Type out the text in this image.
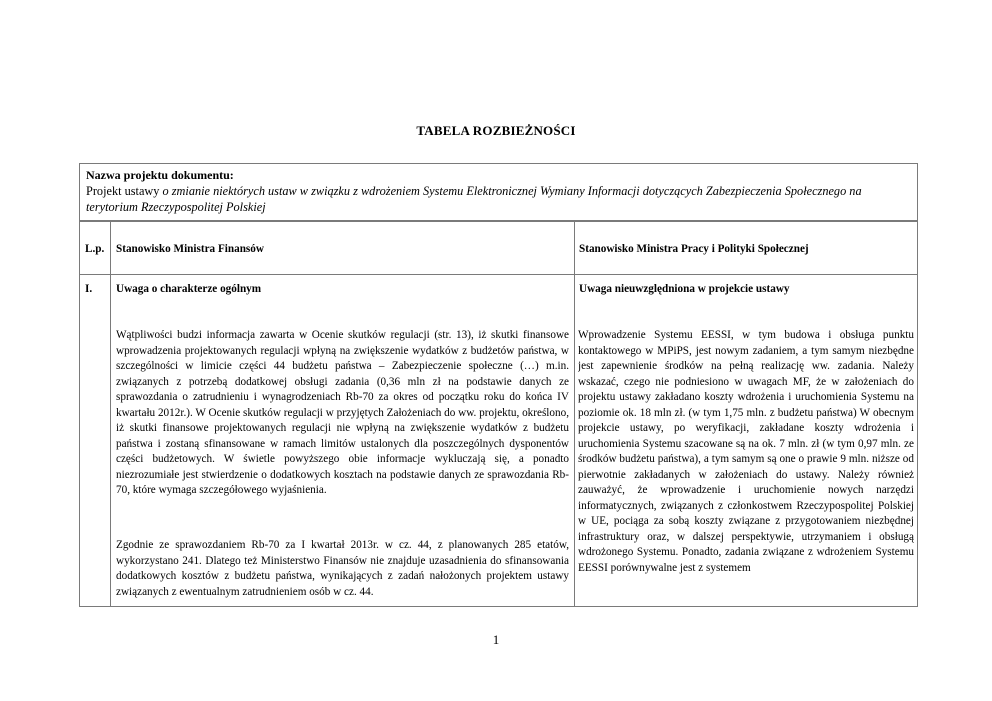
TABELA ROZBIEŻNOŚCI
Nazwa projektu dokumentu:
Projekt ustawy o zmianie niektórych ustaw w związku z wdrożeniem Systemu Elektronicznej Wymiany Informacji dotyczących Zabezpieczenia Społecznego na terytorium Rzeczypospolitej Polskiej
L.p. Stanowisko Ministra Finansów	Stanowisko Ministra Pracy i Polityki Społecznej
I. Uwaga o charakterze ogólnym	Uwaga nieuwzględniona w projekcie ustawy
Wątpliwości budzi informacja zawarta w Ocenie skutków regulacji (str. 13), iż skutki finansowe wprowadzenia projektowanych regulacji wpłyną na zwiększenie wydatków z budżetów państwa, w szczególności w limicie części 44 budżetu państwa – Zabezpieczenie społeczne (…) m.in. związanych z potrzebą dodatkowej obsługi zadania (0,36 mln zł na podstawie danych ze sprawozdania o zatrudnieniu i wynagrodzeniach Rb-70 za okres od początku roku do końca IV kwartału 2012r.). W Ocenie skutków regulacji w przyjętych Założeniach do ww. projektu, określono, iż skutki finansowe projektowanych regulacji nie wpłyną na zwiększenie wydatków z budżetu państwa i zostaną sfinansowane w ramach limitów ustalonych dla poszczególnych dysponentów części budżetowych. W świetle powyższego obie informacje wykluczają się, a ponadto niezrozumiałe jest stwierdzenie o dodatkowych kosztach na podstawie danych ze sprawozdania Rb-70, które wymaga szczegółowego wyjaśnienia.
Zgodnie ze sprawozdaniem Rb-70 za I kwartał 2013r. w cz. 44, z planowanych 285 etatów, wykorzystano 241. Dlatego też Ministerstwo Finansów nie znajduje uzasadnienia do sfinansowania dodatkowych kosztów z budżetu państwa, wynikających z zadań nałożonych projektem ustawy związanych z ewentualnym zatrudnieniem osób w cz. 44.
Wprowadzenie Systemu EESSI, w tym budowa i obsługa punktu kontaktowego w MPiPS, jest nowym zadaniem, a tym samym niezbędne jest zapewnienie środków na pełną realizację ww. zadania. Należy wskazać, czego nie podniesiono w uwagach MF, że w założeniach do projektu ustawy zakładano koszty wdrożenia i uruchomienia Systemu na poziomie ok. 18 mln zł. (w tym 1,75 mln. z budżetu państwa) W obecnym projekcie ustawy, po weryfikacji, zakładane koszty wdrożenia i uruchomienia Systemu szacowane są na ok. 7 mln. zł (w tym 0,97 mln. ze środków budżetu państwa), a tym samym są one o prawie 9 mln. niższe od pierwotnie zakładanych w założeniach do ustawy. Należy również zauważyć, że wprowadzenie i uruchomienie nowych narzędzi informatycznych, związanych z członkostwem Rzeczypospolitej Polskiej w UE, pociąga za sobą koszty związane z przygotowaniem niezbędnej infrastruktury oraz, w dalszej perspektywie, utrzymaniem i obsługą wdrożonego Systemu. Ponadto, zadania związane z wdrożeniem Systemu EESSI porównywalne jest z systemem
1
